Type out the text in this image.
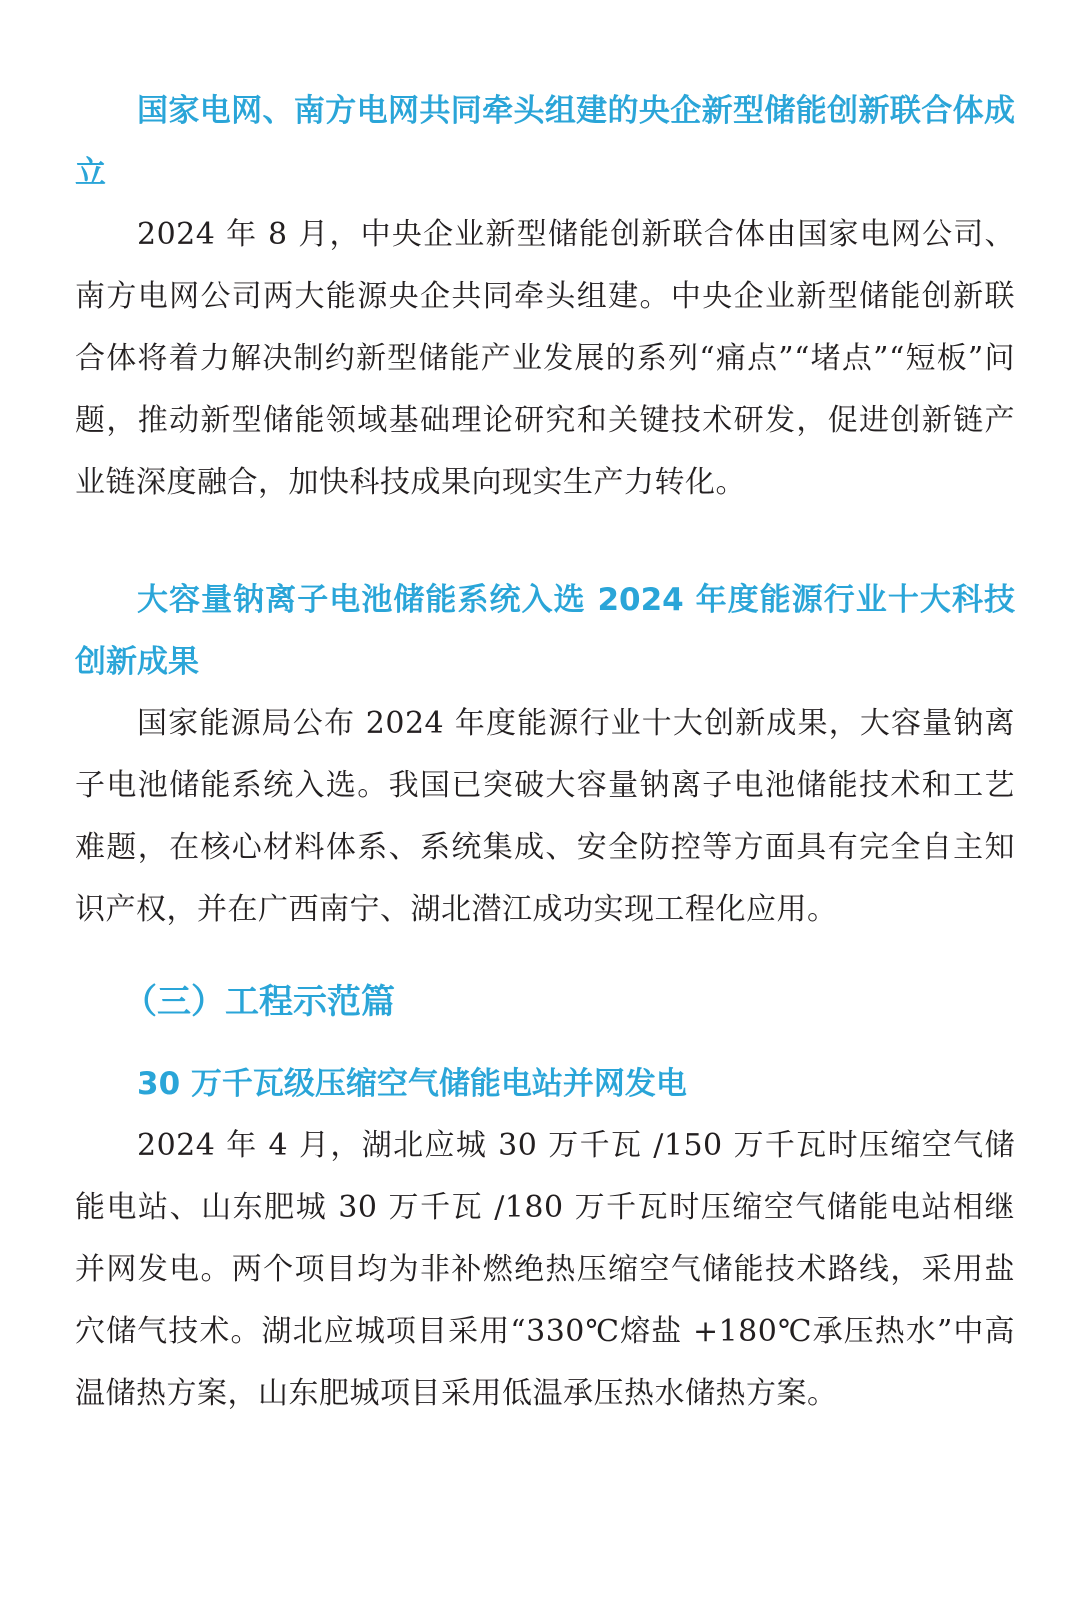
国家电网、南方电网共同牵头组建的央企新型储能创新联合体成立

2024 年 8 月，中央企业新型储能创新联合体由国家电网公司、南方电网公司两大能源央企共同牵头组建。中央企业新型储能创新联合体将着力解决制约新型储能产业发展的系列“痛点”“堵点”“短板”问题，推动新型储能领域基础理论研究和关键技术研发，促进创新链产业链深度融合，加快科技成果向现实生产力转化。

大容量钠离子电池储能系统入选 2024 年度能源行业十大科技创新成果

国家能源局公布 2024 年度能源行业十大创新成果，大容量钠离子电池储能系统入选。我国已突破大容量钠离子电池储能技术和工艺难题，在核心材料体系、系统集成、安全防控等方面具有完全自主知识产权，并在广西南宁、湖北潜江成功实现工程化应用。

（三）工程示范篇

30 万千瓦级压缩空气储能电站并网发电

2024 年 4 月，湖北应城 30 万千瓦 /150 万千瓦时压缩空气储能电站、山东肥城 30 万千瓦 /180 万千瓦时压缩空气储能电站相继并网发电。两个项目均为非补燃绝热压缩空气储能技术路线，采用盐穴储气技术。湖北应城项目采用“330℃熔盐 +180℃承压热水”中高温储热方案，山东肥城项目采用低温承压热水储热方案。
